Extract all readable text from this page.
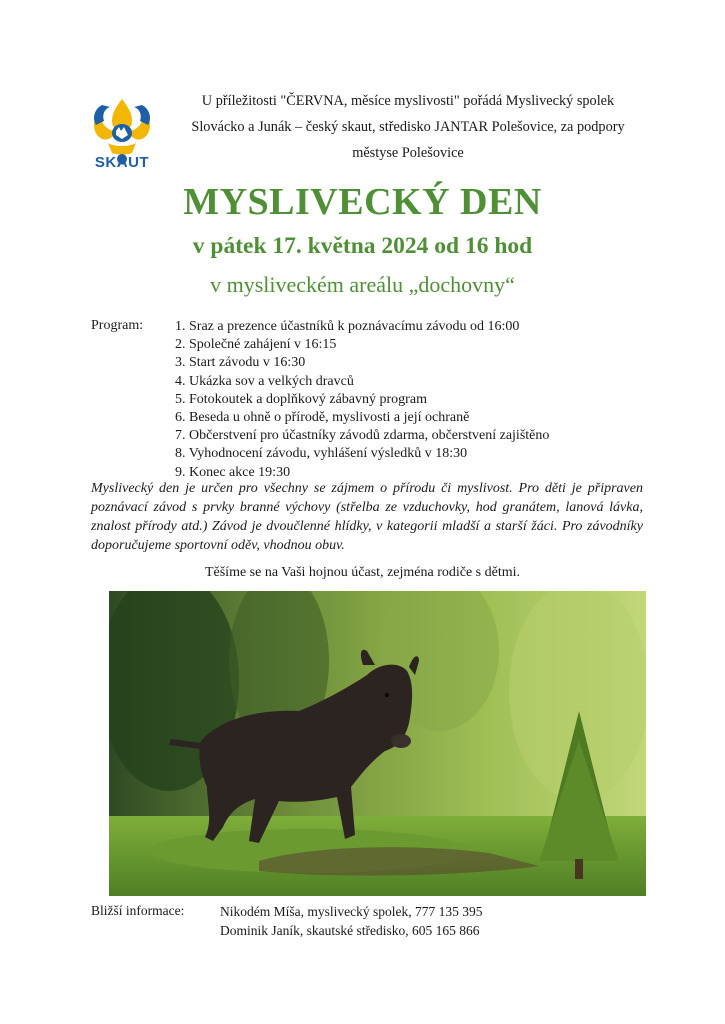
SKAUT

U příležitosti "ČERVNA, měsíce myslivosti" pořádá Myslivecký spolek

Slovácko a Junák – český skaut, středisko JANTAR Polešovice, za podpory

městyse Polešovice

MYSLIVECKÝ DEN
v pátek 17. května 2024 od 16 hod
v mysliveckém areálu „dochovny“
Program: 1. Sraz a prezence účastníků k poznávacímu závodu od 16:00
2. Společné zahájení v 16:15
3. Start závodu v 16:30
4. Ukázka sov a velkých dravců
5. Fotokoutek a doplňkový zábavný program
6. Beseda u ohně o přírodě, myslivosti a její ochraně
7. Občerstvení pro účastníky závodů zdarma, občerstvení zajištěno
8. Vyhodnocení závodu, vyhlášení výsledků v 18:30
9. Konec akce 19:30

Myslivecký den je určen pro všechny se zájmem o přírodu či myslivost. Pro děti je připraven poznávací závod s prvky branné výchovy (střelba ze vzduchovky, hod granátem, lanová lávka, znalost přírody atd.) Závod je dvoučlenné hlídky, v kategorii mladší a starší žáci. Pro závodníky doporučujeme sportovní oděv, vhodnou obuv.

Těšíme se na Vaši hojnou účast, zejména rodiče s dětmi.
Bližší informace:	Nikodém Míša, myslivecký spolek, 777 135 395
Dominik Janík, skautské středisko, 605 165 866
